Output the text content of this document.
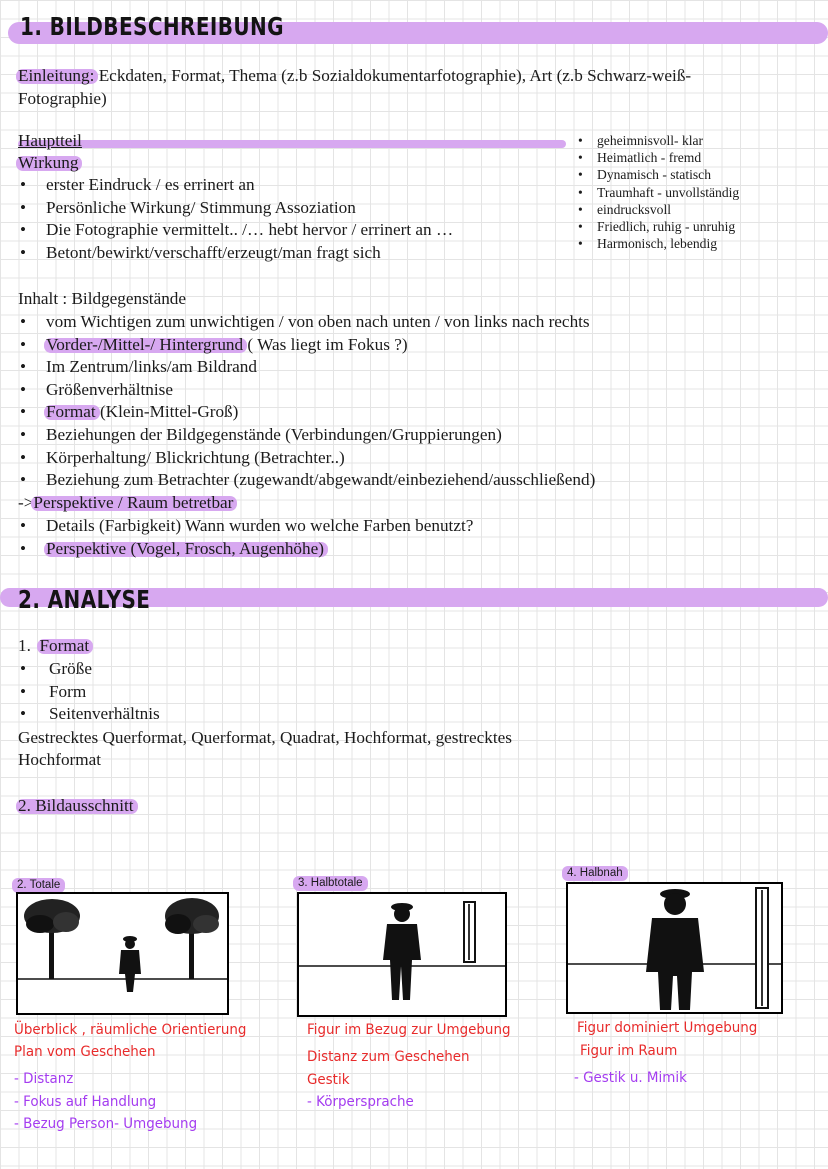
1. BILDBESCHREIBUNG
Einleitung: Eckdaten, Format, Thema (z.b Sozialdokumentarfotographie), Art (z.b Schwarz-weiß-
Fotographie)
Hauptteil
Wirkung
• erster Eindruck / es errinert an
• Persönliche Wirkung/ Stimmung Assoziation
• Die Fotographie vermittelt.. /… hebt hervor / errinert an …
• Betont/bewirkt/verschafft/erzeugt/man fragt sich
• geheimnisvoll- klar
• Heimatlich - fremd
• Dynamisch - statisch
• Traumhaft - unvollständig
• eindrucksvoll
• Friedlich, ruhig - unruhig
• Harmonisch, lebendig
Inhalt : Bildgegenstände
• vom Wichtigen zum unwichtigen / von oben nach unten / von links nach rechts
• Vorder-/Mittel-/ Hintergrund ( Was liegt im Fokus ?)
• Im Zentrum/links/am Bildrand
• Größenverhältnise
• Format (Klein-Mittel-Groß)
• Beziehungen der Bildgegenstände (Verbindungen/Gruppierungen)
• Körperhaltung/ Blickrichtung (Betrachter..)
• Beziehung zum Betrachter (zugewandt/abgewandt/einbeziehend/ausschließend)
->Perspektive / Raum betretbar
• Details (Farbigkeit) Wann wurden wo welche Farben benutzt?
• Perspektive (Vogel, Frosch, Augenhöhe)
2. ANALYSE
1. Format
• Größe
• Form
• Seitenverhältnis
Gestrecktes Querformat, Querformat, Quadrat, Hochformat, gestrecktes
Hochformat
2. Bildausschnitt
2. Totale
Überblick , räumliche Orientierung
Plan vom Geschehen
- Distanz
- Fokus auf Handlung
- Bezug Person- Umgebung
3. Halbtotale
Figur im Bezug zur Umgebung
Distanz zum Geschehen
Gestik
- Körpersprache
4. Halbnah
Figur dominiert Umgebung
Figur im Raum
- Gestik u. Mimik
